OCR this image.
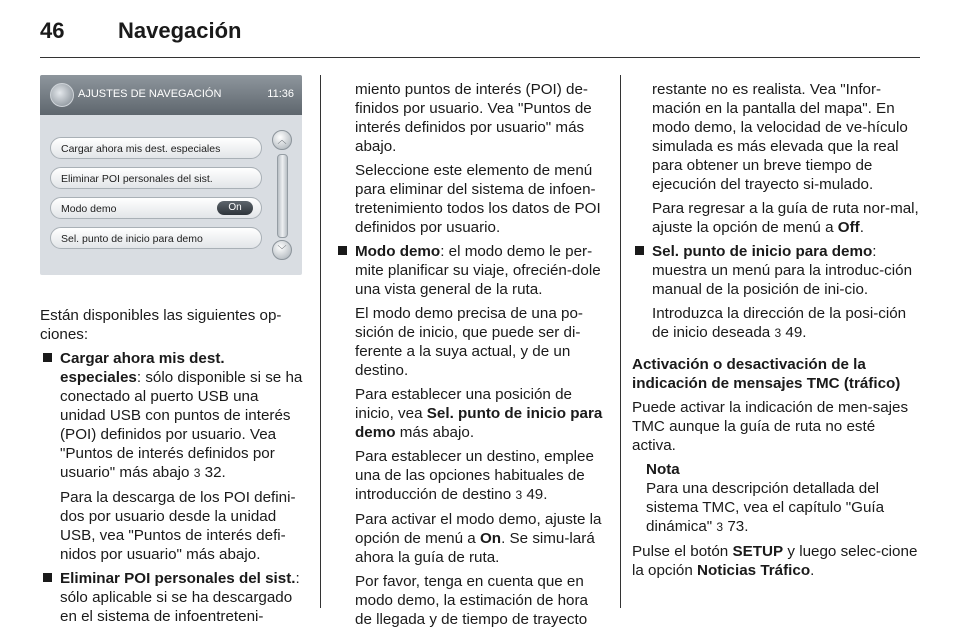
46 Navegación
AJUSTES DE NAVEGACIÓN	11:36
Cargar ahora mis dest. especiales
Eliminar POI personales del sist.
Modo demo	On
Sel. punto de inicio para demo
︿
﹀

Están disponibles las siguientes op-ciones:

Cargar ahora mis dest. especiales: sólo disponible si se ha conectado al puerto USB una unidad USB con puntos de interés (POI) definidos por usuario. Vea "Puntos de interés definidos por usuario" más abajo 3 32.

Para la descarga de los POI defini-dos por usuario desde la unidad USB, vea "Puntos de interés defi-nidos por usuario" más abajo.

Eliminar POI personales del sist.: sólo aplicable si se ha descargado en el sistema de infoentreteni-

miento puntos de interés (POI) de-finidos por usuario. Vea "Puntos de interés definidos por usuario" más abajo.

Seleccione este elemento de menú para eliminar del sistema de infoen-tretenimiento todos los datos de POI definidos por usuario.

Modo demo: el modo demo le per-mite planificar su viaje, ofrecién-dole una vista general de la ruta.

El modo demo precisa de una po-sición de inicio, que puede ser di-ferente a la suya actual, y de un destino.

Para establecer una posición de inicio, vea Sel. punto de inicio para demo más abajo.

Para establecer un destino, emplee una de las opciones habituales de introducción de destino 3 49.

Para activar el modo demo, ajuste la opción de menú a On. Se simu-lará ahora la guía de ruta.

Por favor, tenga en cuenta que en modo demo, la estimación de hora de llegada y de tiempo de trayecto

restante no es realista. Vea "Infor-mación en la pantalla del mapa". En modo demo, la velocidad de ve-hículo simulada es más elevada que la real para obtener un breve tiempo de ejecución del trayecto si-mulado.

Para regresar a la guía de ruta nor-mal, ajuste la opción de menú a Off.

Sel. punto de inicio para demo: muestra un menú para la introduc-ción manual de la posición de ini-cio.

Introduzca la dirección de la posi-ción de inicio deseada 3 49.

Activación o desactivación de la indicación de mensajes TMC (tráfico)

Puede activar la indicación de men-sajes TMC aunque la guía de ruta no esté activa.

Nota

Para una descripción detallada del sistema TMC, vea el capítulo "Guía dinámica" 3 73.

Pulse el botón SETUP y luego selec-cione la opción Noticias Tráfico.
